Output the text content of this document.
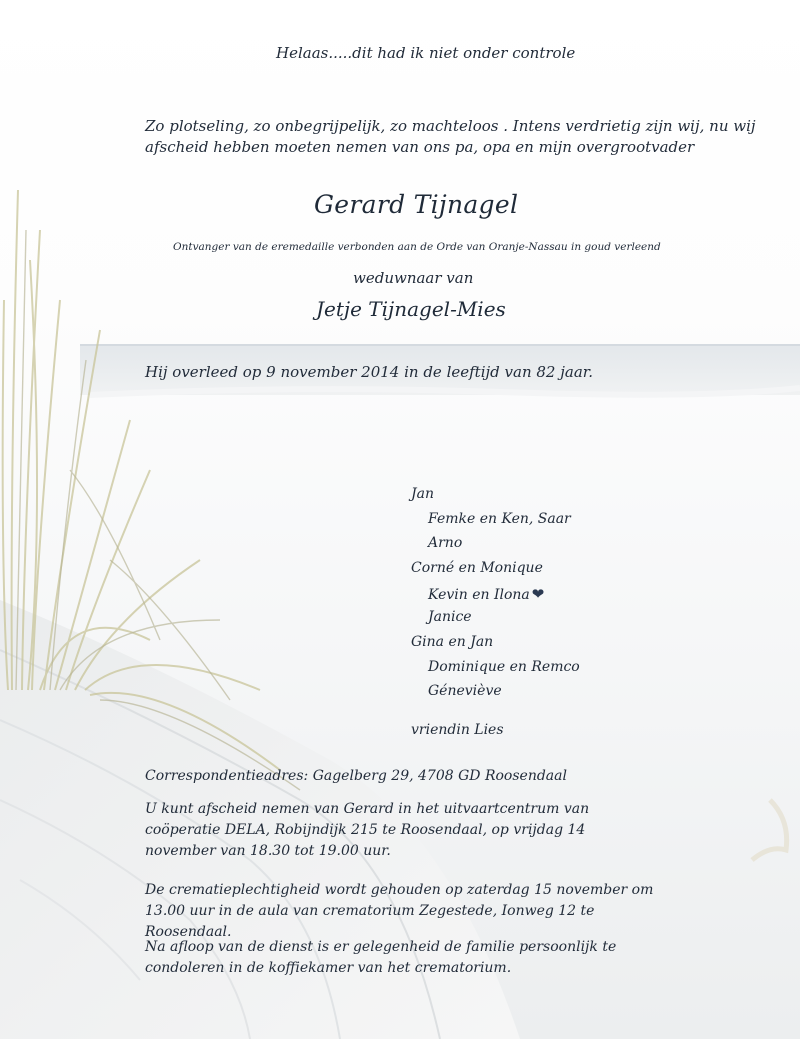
Helaas.....dit had ik niet onder controle

Zo plotseling, zo onbegrijpelijk, zo machteloos . Intens verdrietig zijn wij, nu wij

afscheid hebben moeten nemen van ons pa, opa en mijn overgrootvader

Gerard Tijnagel

Ontvanger van de eremedaille verbonden aan de Orde van Oranje-Nassau in goud verleend

weduwnaar van

Jetje Tijnagel-Mies

Hij overleed op 9 november 2014 in de leeftijd van 82 jaar.

Jan

Femke en Ken, Saar

Arno

Corné en Monique

Kevin en Ilona ❤

Janice

Gina en Jan

Dominique en Remco

Géneviève

vriendin Lies

Correspondentieadres: Gagelberg 29, 4708 GD Roosendaal

U kunt afscheid nemen van Gerard in het uitvaartcentrum van coöperatie DELA, Robijndijk 215 te Roosendaal, op vrijdag 14 november van 18.30 tot 19.00 uur.

De crematieplechtigheid wordt gehouden op zaterdag 15 november om 13.00 uur in de aula van crematorium Zegestede, Ionweg 12 te Roosendaal.

Na afloop van de dienst is er gelegenheid de familie persoonlijk te condoleren in de koffiekamer van het crematorium.
